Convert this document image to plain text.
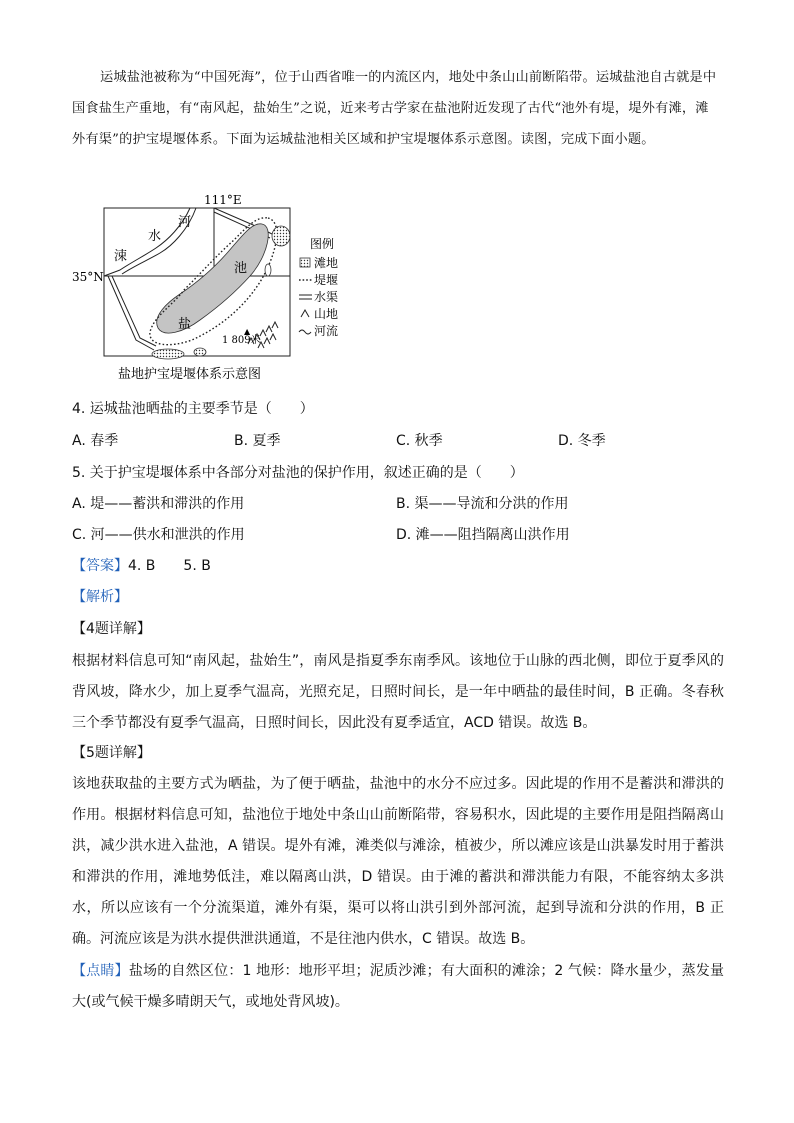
运城盐池被称为“中国死海”，位于山西省唯一的内流区内，地处中条山山前断陷带。运城盐池自古就是中国食盐生产重地，有“南风起，盐始生”之说，近来考古学家在盐池附近发现了古代“池外有堤，堤外有滩，滩外有渠”的护宝堤堰体系。下面为运城盐池相关区域和护宝堤堰体系示意图。读图，完成下面小题。

111°E
35°N
1 809米
▲
涑
水
河
盐
池
图例
滩地
堤堰
水渠
山地
河流
盐地护宝堤堰体系示意图
4. 运城盐池晒盐的主要季节是（　　）
A. 春季	B. 夏季	C. 秋季	D. 冬季
5. 关于护宝堤堰体系中各部分对盐池的保护作用，叙述正确的是（　　）
A. 堤——蓄洪和滞洪的作用	B. 渠——导流和分洪的作用
C. 河——供水和泄洪的作用	D. 滩——阻挡隔离山洪作用
【答案】4. B　　5. B
【解析】
【4题详解】
根据材料信息可知“南风起，盐始生”，南风是指夏季东南季风。该地位于山脉的西北侧，即位于夏季风的背风坡，降水少，加上夏季气温高，光照充足，日照时间长，是一年中晒盐的最佳时间，B 正确。冬春秋三个季节都没有夏季气温高，日照时间长，因此没有夏季适宜，ACD 错误。故选 B。
【5题详解】
该地获取盐的主要方式为晒盐，为了便于晒盐，盐池中的水分不应过多。因此堤的作用不是蓄洪和滞洪的作用。根据材料信息可知，盐池位于地处中条山山前断陷带，容易积水，因此堤的主要作用是阻挡隔离山洪，减少洪水进入盐池，A 错误。堤外有滩，滩类似与滩涂，植被少，所以滩应该是山洪暴发时用于蓄洪和滞洪的作用，滩地势低洼，难以隔离山洪，D 错误。由于滩的蓄洪和滞洪能力有限，不能容纳太多洪水，所以应该有一个分流渠道，滩外有渠，渠可以将山洪引到外部河流，起到导流和分洪的作用，B 正确。河流应该是为洪水提供泄洪通道，不是往池内供水，C 错误。故选 B。
【点睛】盐场的自然区位：1 地形：地形平坦；泥质沙滩；有大面积的滩涂；2 气候：降水量少，蒸发量大(或气候干燥多晴朗天气，或地处背风坡)。
